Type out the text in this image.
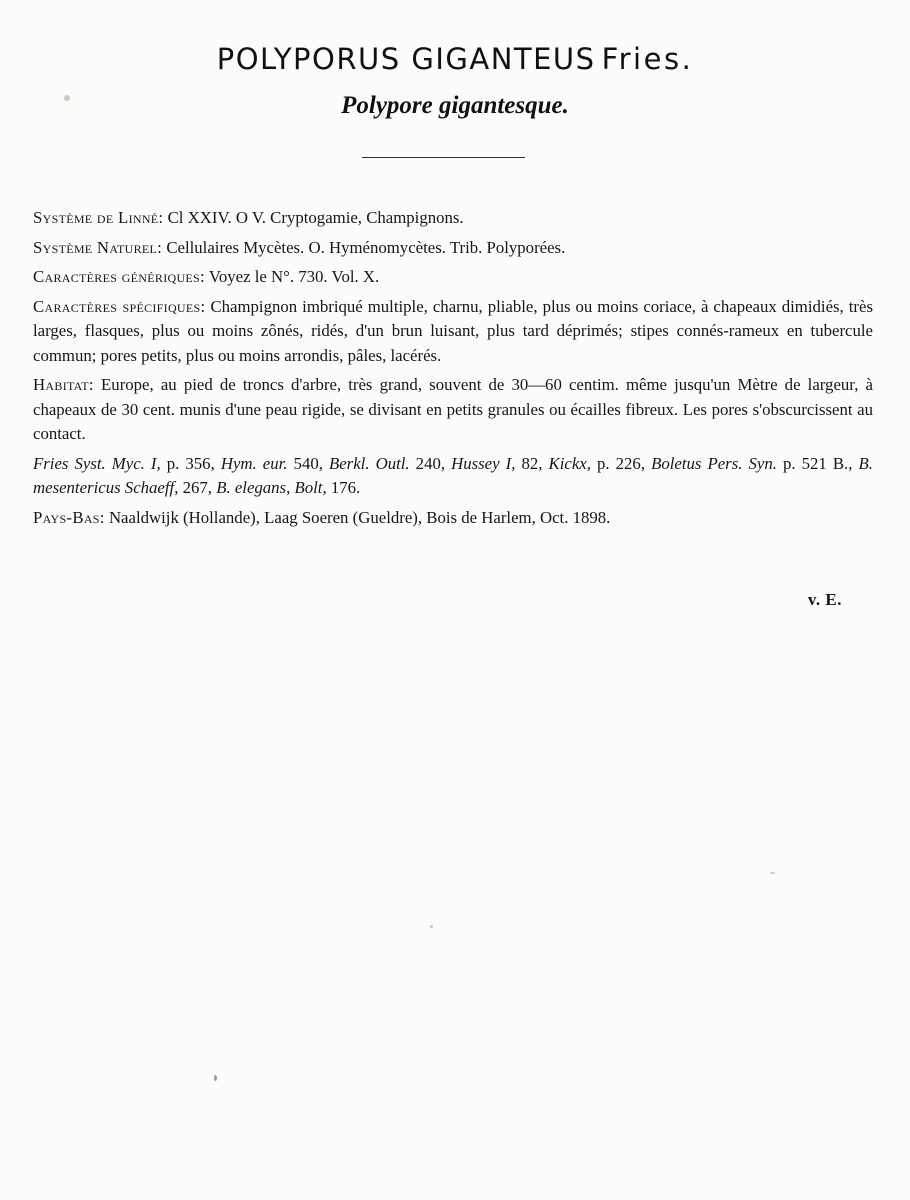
POLYPORUS GIGANTEUS Fries.
Polypore gigantesque.

Système de Linné: Cl XXIV. O V. Cryptogamie, Champignons.

Système Naturel: Cellulaires Mycètes. O. Hyménomycètes. Trib. Polyporées.

Caractères génériques: Voyez le N°. 730. Vol. X.

Caractères spécifiques: Champignon imbriqué multiple, charnu, pliable, plus ou moins coriace, à chapeaux dimidiés, très larges, flasques, plus ou moins zônés, ridés, d'un brun luisant, plus tard déprimés; stipes connés-rameux en tubercule commun; pores petits, plus ou moins arrondis, pâles, lacérés.

Habitat: Europe, au pied de troncs d'arbre, très grand, souvent de 30—60 centim. même jusqu'un Mètre de largeur, à chapeaux de 30 cent. munis d'une peau rigide, se divisant en petits granules ou écailles fibreux. Les pores s'obscurcissent au contact.

Fries Syst. Myc. I, p. 356, Hym. eur. 540, Berkl. Outl. 240, Hussey I, 82, Kickx, p. 226, Boletus Pers. Syn. p. 521 B., B. mesentericus Schaeff, 267, B. elegans, Bolt, 176.

Pays-Bas: Naaldwijk (Hollande), Laag Soeren (Gueldre), Bois de Harlem, Oct. 1898.

v. E.
